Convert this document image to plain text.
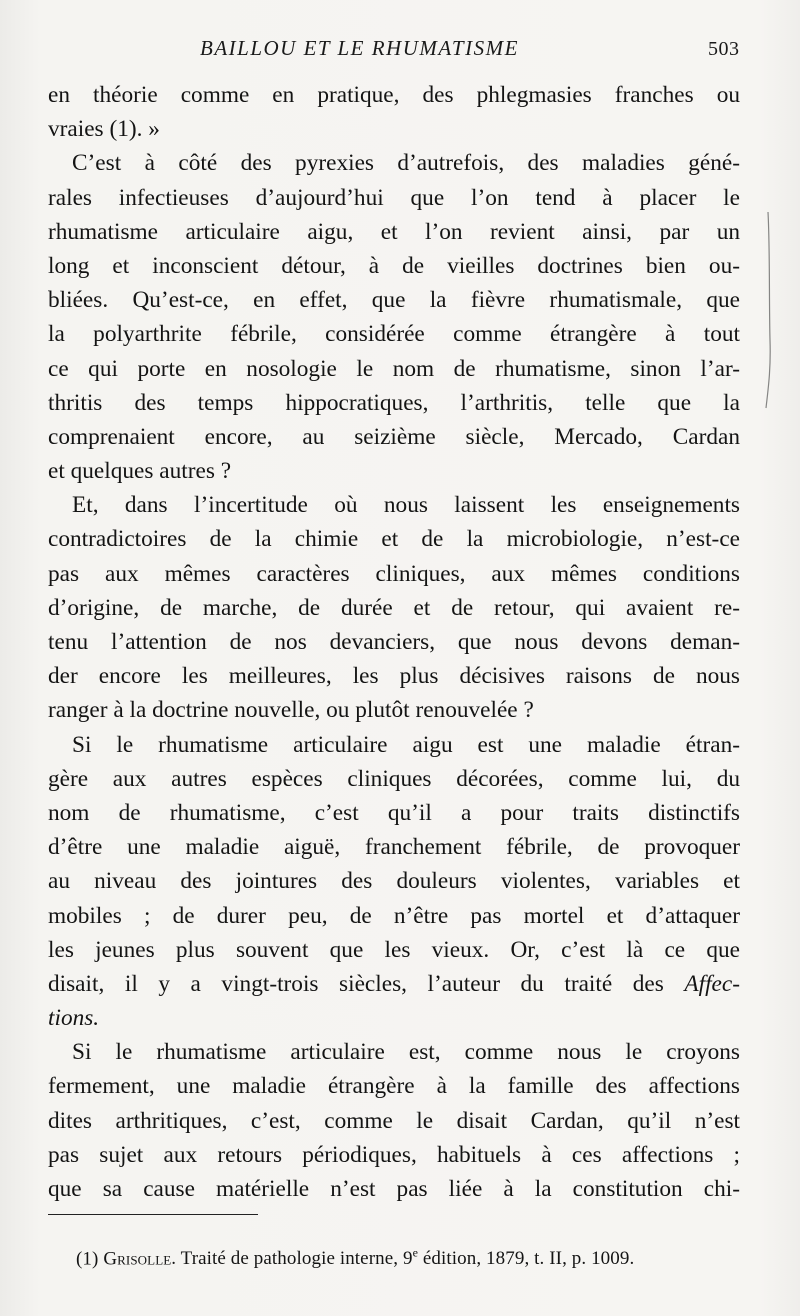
BAILLOU ET LE RHUMATISME	503
en théorie comme en pratique, des phlegmasies franches ou
vraies (1). »
C’est à côté des pyrexies d’autrefois, des maladies géné-
rales infectieuses d’aujourd’hui que l’on tend à placer le
rhumatisme articulaire aigu, et l’on revient ainsi, par un
long et inconscient détour, à de vieilles doctrines bien ou-
bliées. Qu’est-ce, en effet, que la fièvre rhumatismale, que
la polyarthrite fébrile, considérée comme étrangère à tout
ce qui porte en nosologie le nom de rhumatisme, sinon l’ar-
thritis des temps hippocratiques, l’arthritis, telle que la
comprenaient encore, au seizième siècle, Mercado, Cardan
et quelques autres ?
Et, dans l’incertitude où nous laissent les enseignements
contradictoires de la chimie et de la microbiologie, n’est-ce
pas aux mêmes caractères cliniques, aux mêmes conditions
d’origine, de marche, de durée et de retour, qui avaient re-
tenu l’attention de nos devanciers, que nous devons deman-
der encore les meilleures, les plus décisives raisons de nous
ranger à la doctrine nouvelle, ou plutôt renouvelée ?
Si le rhumatisme articulaire aigu est une maladie étran-
gère aux autres espèces cliniques décorées, comme lui, du
nom de rhumatisme, c’est qu’il a pour traits distinctifs
d’être une maladie aiguë, franchement fébrile, de provoquer
au niveau des jointures des douleurs violentes, variables et
mobiles ; de durer peu, de n’être pas mortel et d’attaquer
les jeunes plus souvent que les vieux. Or, c’est là ce que
disait, il y a vingt-trois siècles, l’auteur du traité des Affec-
tions.
Si le rhumatisme articulaire est, comme nous le croyons
fermement, une maladie étrangère à la famille des affections
dites arthritiques, c’est, comme le disait Cardan, qu’il n’est
pas sujet aux retours périodiques, habituels à ces affections ;
que sa cause matérielle n’est pas liée à la constitution chi-
(1) Grisolle. Traité de pathologie interne, 9e édition, 1879, t. II, p. 1009.
